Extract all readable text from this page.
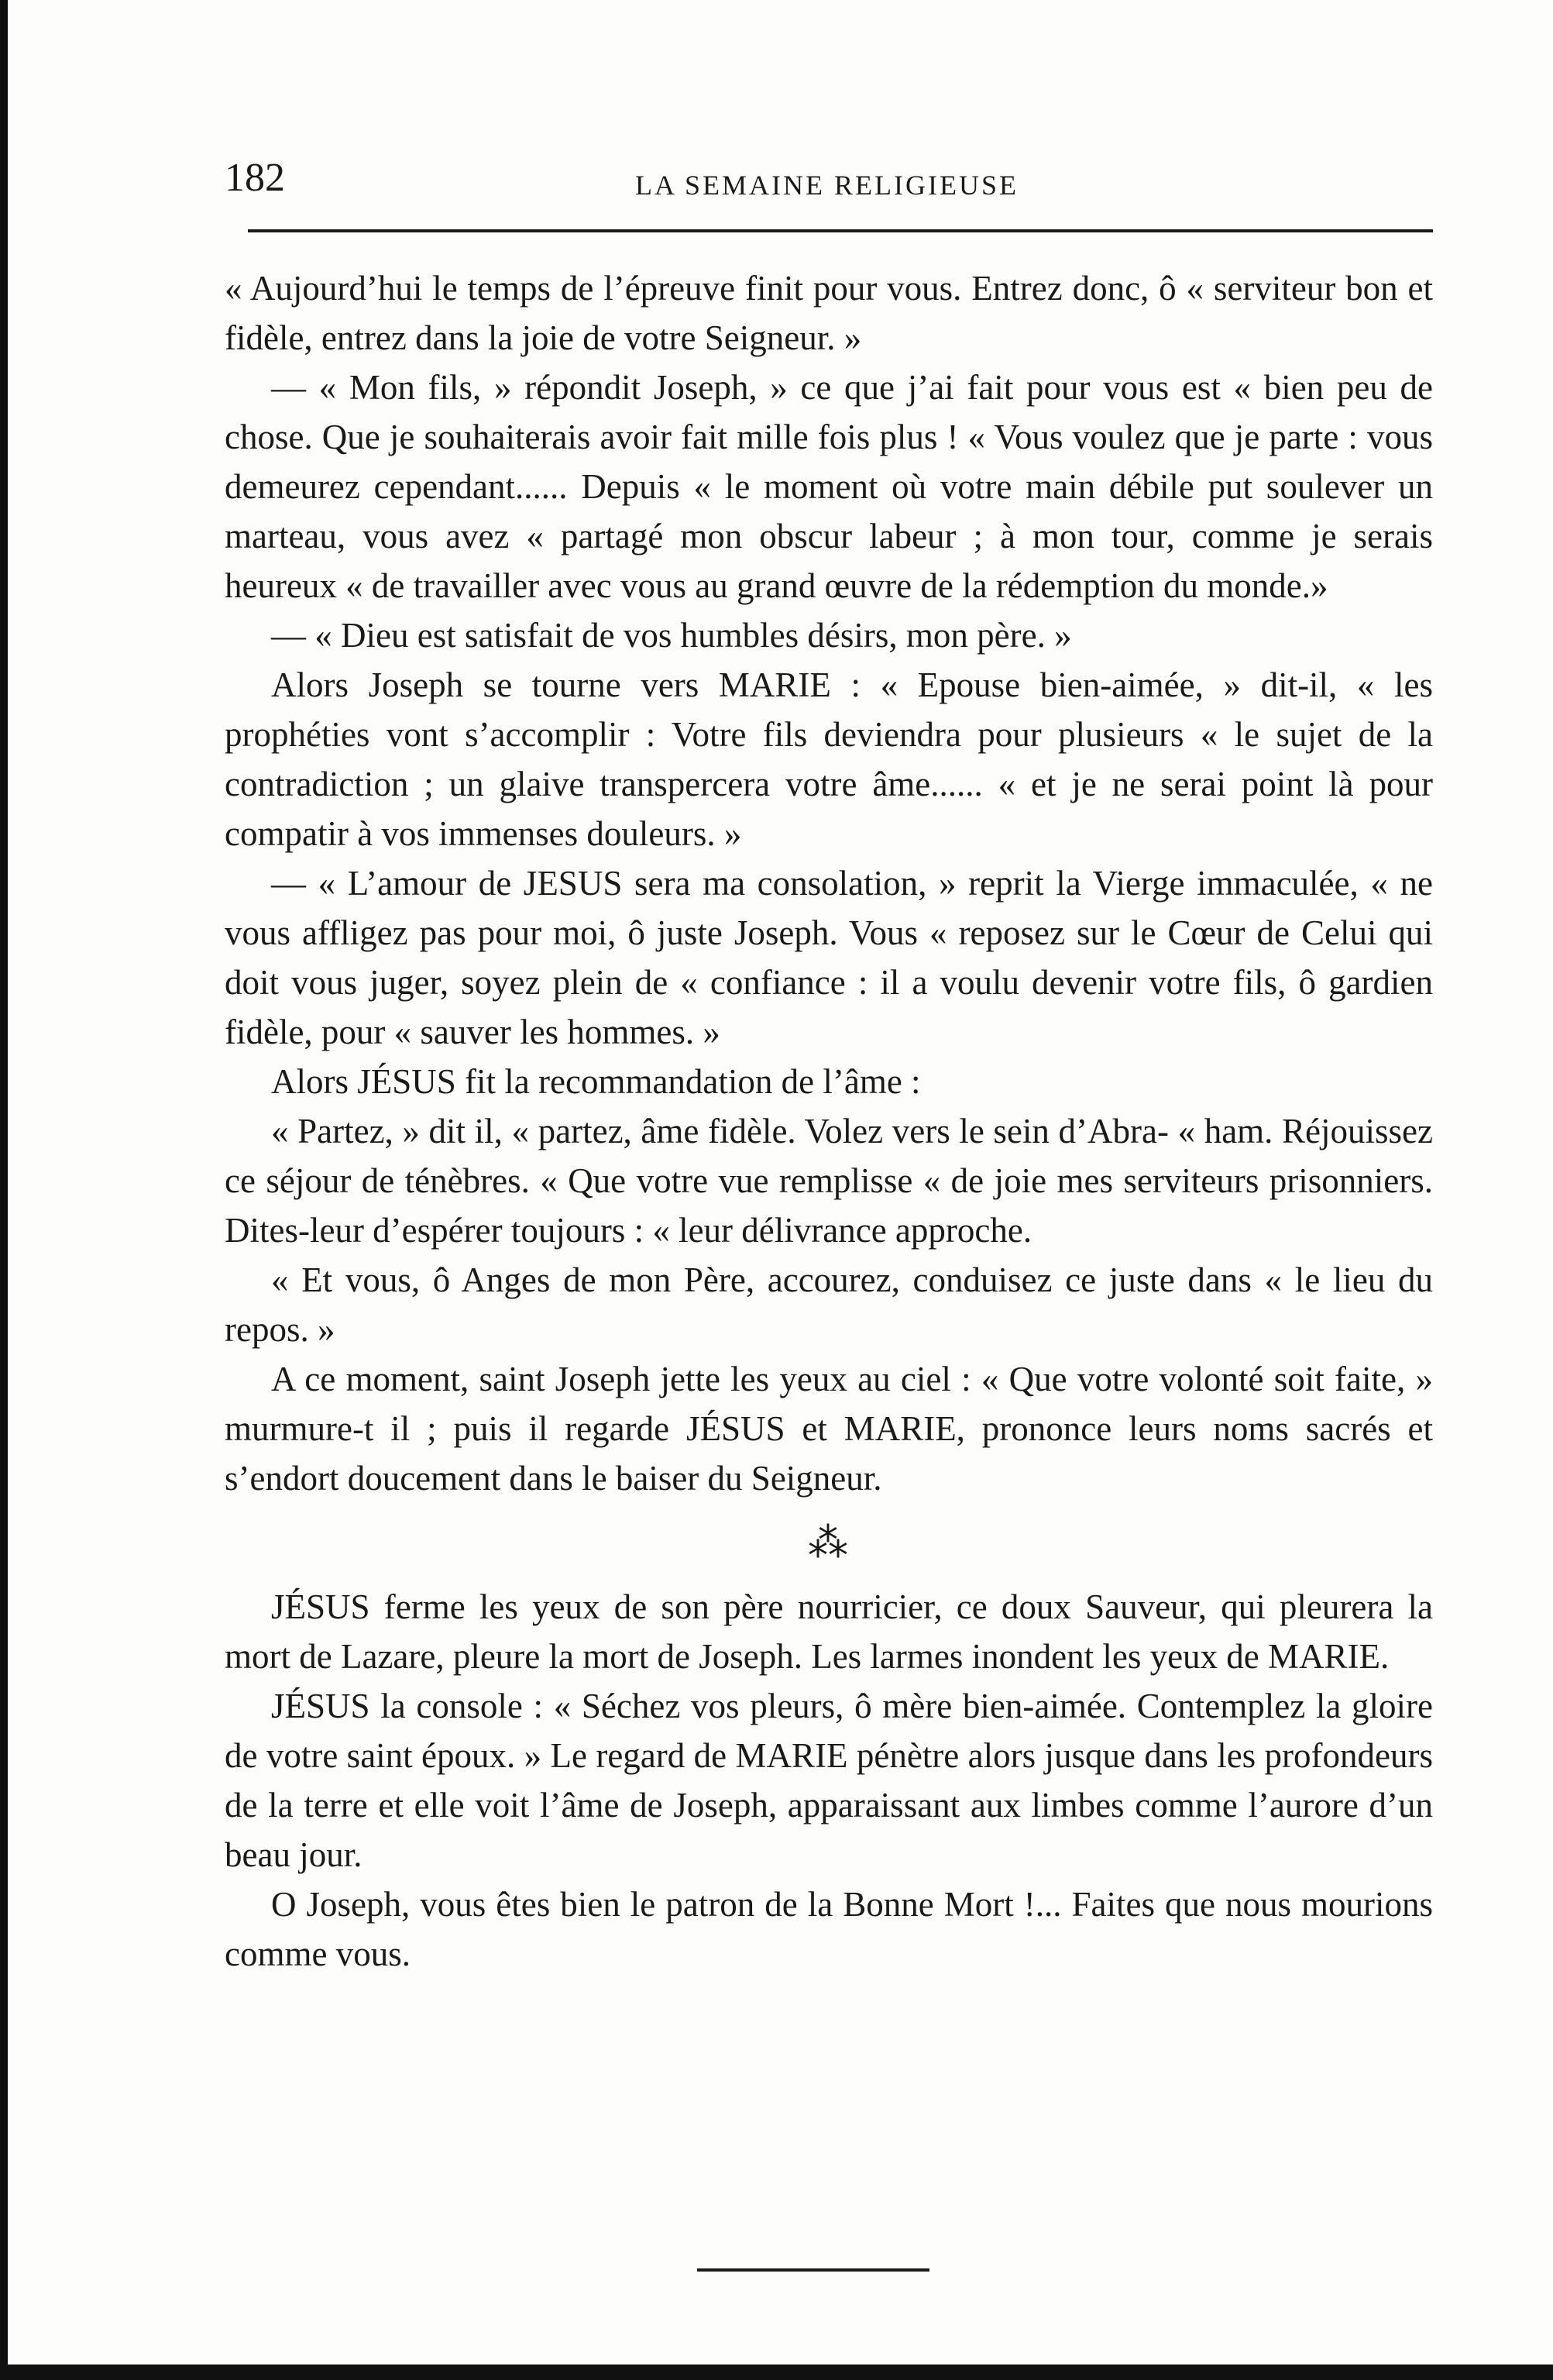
182	LA SEMAINE RELIGIEUSE

« Aujourd’hui le temps de l’épreuve finit pour vous. Entrez donc, ô « serviteur bon et fidèle, entrez dans la joie de votre Seigneur. »

— « Mon fils, » répondit Joseph, » ce que j’ai fait pour vous est « bien peu de chose. Que je souhaiterais avoir fait mille fois plus ! « Vous voulez que je parte : vous demeurez cependant...... Depuis « le moment où votre main débile put soulever un marteau, vous avez « partagé mon obscur labeur ; à mon tour, comme je serais heureux « de travailler avec vous au grand œuvre de la rédemption du monde.»

— « Dieu est satisfait de vos humbles désirs, mon père. »

Alors Joseph se tourne vers MARIE : « Epouse bien-aimée, » dit-il, « les prophéties vont s’accomplir : Votre fils deviendra pour plusieurs « le sujet de la contradiction ; un glaive transpercera votre âme...... « et je ne serai point là pour compatir à vos immenses douleurs. »

— « L’amour de JESUS sera ma consolation, » reprit la Vierge immaculée, « ne vous affligez pas pour moi, ô juste Joseph. Vous « reposez sur le Cœur de Celui qui doit vous juger, soyez plein de « confiance : il a voulu devenir votre fils, ô gardien fidèle, pour « sauver les hommes. »

Alors JÉSUS fit la recommandation de l’âme :

« Partez, » dit il, « partez, âme fidèle. Volez vers le sein d’Abra- « ham. Réjouissez ce séjour de ténèbres. « Que votre vue remplisse « de joie mes serviteurs prisonniers. Dites-leur d’espérer toujours : « leur délivrance approche.

« Et vous, ô Anges de mon Père, accourez, conduisez ce juste dans « le lieu du repos. »

A ce moment, saint Joseph jette les yeux au ciel : « Que votre volonté soit faite, » murmure-t il ; puis il regarde JÉSUS et MARIE, prononce leurs noms sacrés et s’endort doucement dans le baiser du Seigneur.

⁂

JÉSUS ferme les yeux de son père nourricier, ce doux Sauveur, qui pleurera la mort de Lazare, pleure la mort de Joseph. Les larmes inondent les yeux de MARIE.

JÉSUS la console : « Séchez vos pleurs, ô mère bien-aimée. Contemplez la gloire de votre saint époux. » Le regard de MARIE pénètre alors jusque dans les profondeurs de la terre et elle voit l’âme de Joseph, apparaissant aux limbes comme l’aurore d’un beau jour.

O Joseph, vous êtes bien le patron de la Bonne Mort !... Faites que nous mourions comme vous.
